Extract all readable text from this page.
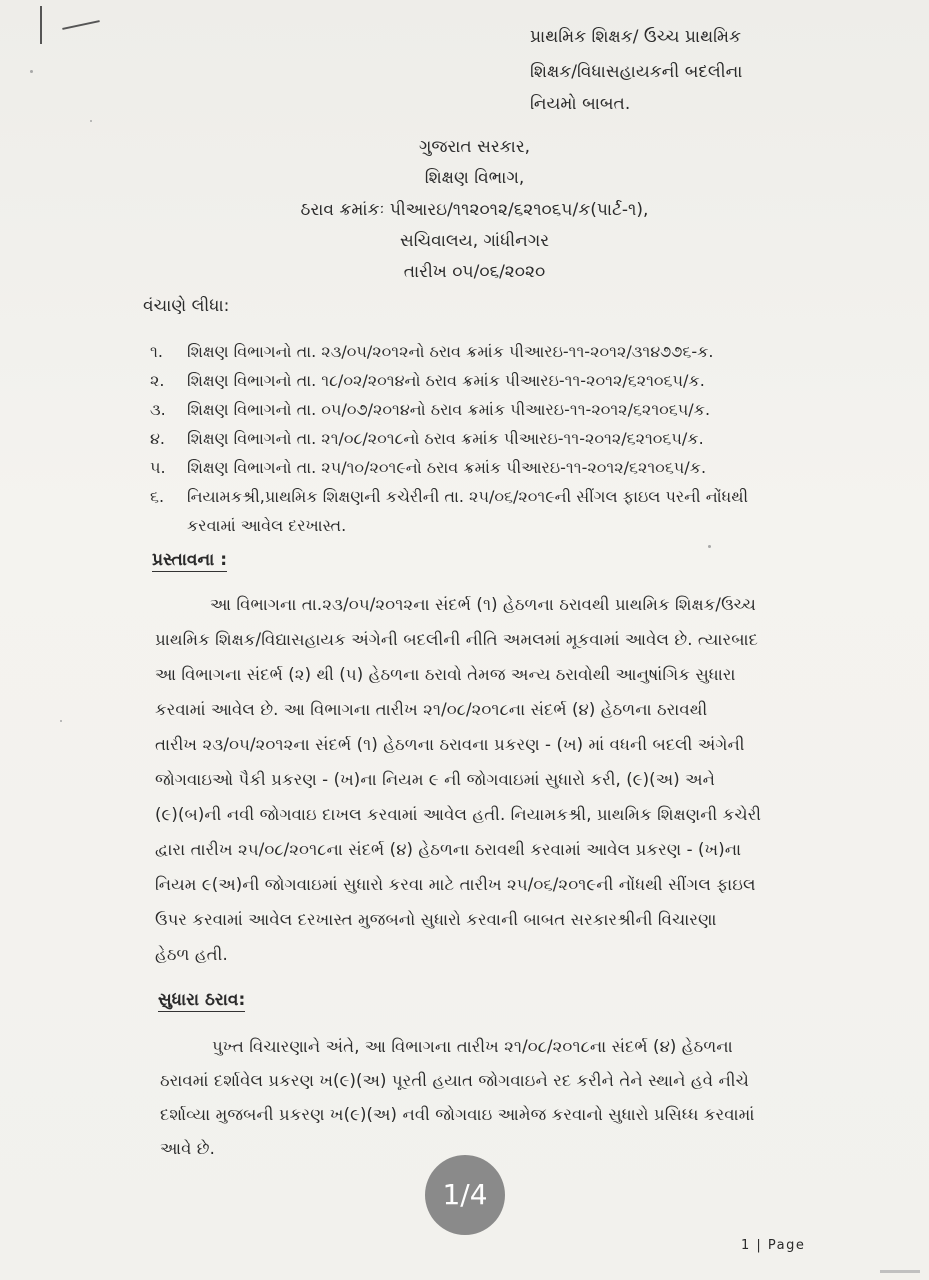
પ્રાથમિક શિક્ષક/ ઉચ્ચ પ્રાથમિક
શિક્ષક/વિધાસહાયકની બદલીના
નિયમો બાબત.
ગુજરાત સરકાર,
શિક્ષણ વિભાગ,
ઠરાવ ક્રમાંકઃ પીઆરઇ/૧૧૨૦૧૨/૬૨૧૦૬૫/ક(પાર્ટ-૧),
સચિવાલય, ગાંધીનગર
તારીખ ૦૫/૦૬/૨૦૨૦
વંચાણે લીધા:
૧. શિક્ષણ વિભાગનો તા. ૨૩/૦૫/૨૦૧૨નો ઠરાવ ક્રમાંક પીઆરઇ-૧૧-૨૦૧૨/૩૧૪૭૭૬-ક.
૨. શિક્ષણ વિભાગનો તા. ૧૮/૦૨/૨૦૧૪નો ઠરાવ ક્રમાંક પીઆરઇ-૧૧-૨૦૧૨/૬૨૧૦૬૫/ક.
૩. શિક્ષણ વિભાગનો તા. ૦૫/૦૭/૨૦૧૪નો ઠરાવ ક્રમાંક પીઆરઇ-૧૧-૨૦૧૨/૬૨૧૦૬૫/ક.
૪. શિક્ષણ વિભાગનો તા. ૨૧/૦૮/૨૦૧૮નો ઠરાવ ક્રમાંક પીઆરઇ-૧૧-૨૦૧૨/૬૨૧૦૬૫/ક.
૫. શિક્ષણ વિભાગનો તા. ૨૫/૧૦/૨૦૧૯નો ઠરાવ ક્રમાંક પીઆરઇ-૧૧-૨૦૧૨/૬૨૧૦૬૫/ક.
૬. નિયામકશ્રી,પ્રાથમિક શિક્ષણની કચેરીની તા. ૨૫/૦૬/૨૦૧૯ની સીંગલ ફાઇલ પરની નોંધથી
કરવામાં આવેલ દરખાસ્ત.
પ્રસ્તાવના :
આ વિભાગના તા.૨૩/૦૫/૨૦૧૨ના સંદર્ભ (૧) હેઠળના ઠરાવથી પ્રાથમિક શિક્ષક/ઉચ્ચ
પ્રાથમિક શિક્ષક/વિદ્યાસહાયક અંગેની બદલીની નીતિ અમલમાં મૂકવામાં આવેલ છે. ત્યારબાદ
આ વિભાગના સંદર્ભ (૨) થી (૫) હેઠળના ઠરાવો તેમજ અન્ય ઠરાવોથી આનુષાંગિક સુધારા
કરવામાં આવેલ છે. આ વિભાગના તારીખ ૨૧/૦૮/૨૦૧૮ના સંદર્ભ (૪) હેઠળના ઠરાવથી
તારીખ ૨૩/૦૫/૨૦૧૨ના સંદર્ભ (૧) હેઠળના ઠરાવના પ્રકરણ - (ખ) માં વધની બદલી અંગેની
જોગવાઇઓ પૈકી પ્રકરણ - (ખ)ના નિયમ ૯ ની જોગવાઇમાં સુધારો કરી, (૯)(અ) અને
(૯)(બ)ની નવી જોગવાઇ દાખલ કરવામાં આવેલ હતી. નિયામકશ્રી, પ્રાથમિક શિક્ષણની કચેરી
દ્વારા તારીખ ૨૫/૦૮/૨૦૧૮ના સંદર્ભ (૪) હેઠળના ઠરાવથી કરવામાં આવેલ પ્રકરણ - (ખ)ના
નિયમ ૯(અ)ની જોગવાઇમાં સુધારો કરવા માટે તારીખ ૨૫/૦૬/૨૦૧૯ની નોંધથી સીંગલ ફાઇલ
ઉપર કરવામાં આવેલ દરખાસ્ત મુજબનો સુધારો કરવાની બાબત સરકારશ્રીની વિચારણા
હેઠળ હતી.
સુધારા ઠરાવ:
પુખ્ત વિચારણાને અંતે, આ વિભાગના તારીખ ૨૧/૦૮/૨૦૧૮ના સંદર્ભ (૪) હેઠળના
ઠરાવમાં દર્શાવેલ પ્રકરણ ખ(૯)(અ) પૂરતી હયાત જોગવાઇને રદ કરીને તેને સ્થાને હવે નીચે
દર્શાવ્યા મુજબની પ્રકરણ ખ(૯)(અ) નવી જોગવાઇ આમેજ કરવાનો સુધારો પ્રસિધ્ધ કરવામાં
આવે છે.
1/4
1 | Page
